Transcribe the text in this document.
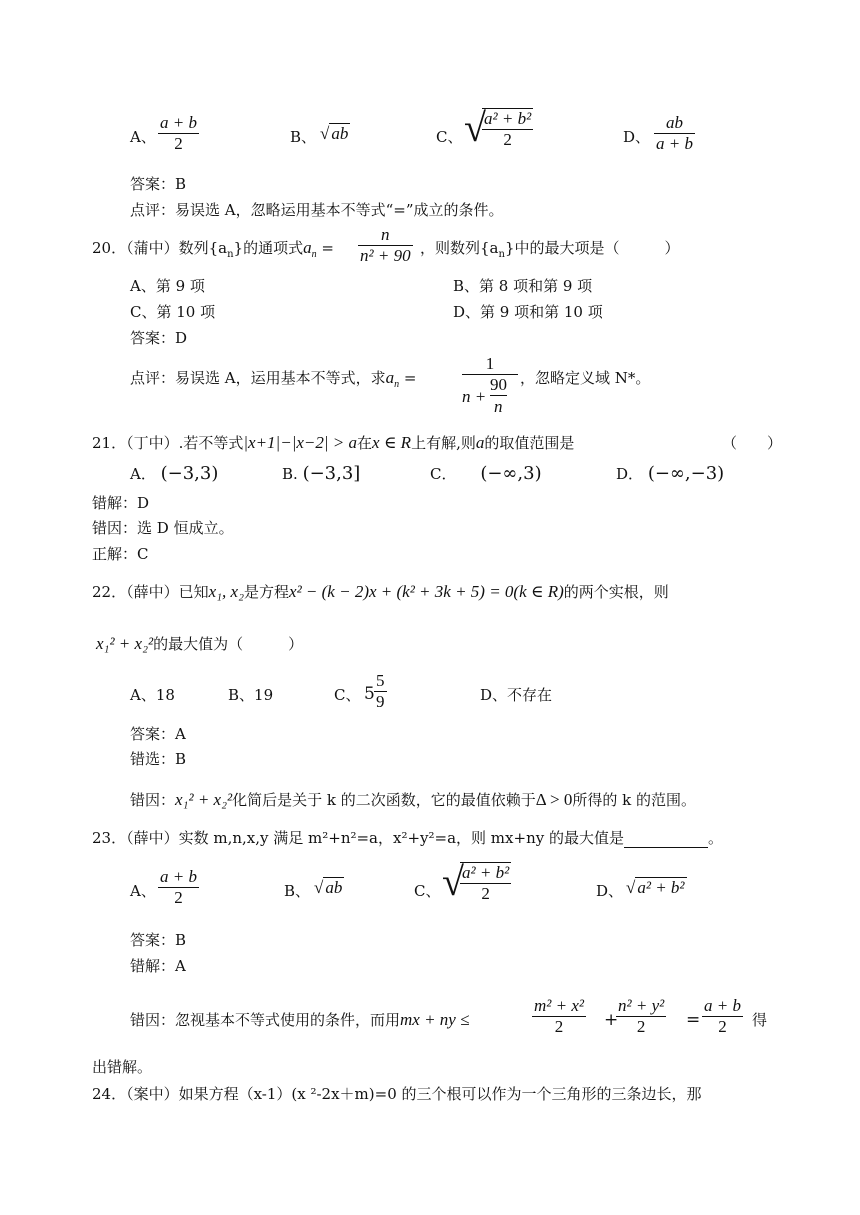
A、
a + b
2	B、 √ ab	C、 √
a² + b²
2	D、
ab
a + b
答案：B
点评：易误选 A，忽略运用基本不等式“=”成立的条件。
20．（蒲中）数列$\{a_n\}$的通项式$a_n$ =
n
n² + 90 ，则数列$\{a_n\}$中的最大项是（　　　）
A、第 9 项	B、第 8 项和第 9 项
C、第 10 项	D、第 9 项和第 10 项
答案：D
点评：易误选 A，运用基本不等式，求$a_n$ =
1
n +
90
n
，忽略定义域 N*。
21．（丁中）.若不等式|x+1|−|x−2| > a在x ∈ R上有解,则a的取值范围是	（　　）
A． (−3,3)	B. (−3,3]	C． (−∞,3)	D． (−∞,−3)
错解：D
错因：选 D 恒成立。
正解：C
22．（薛中）已知x₁, x₂是方程x² − (k − 2)x + (k² + 3k + 5) = 0(k ∈ R)的两个实根，则
x₁² + x₂²的最大值为（　　　）
A、18	B、19	C、 5
5
9	D、不存在
答案：A
错选：B
错因：x₁² + x₂²化简后是关于 k 的二次函数，它的最值依赖于Δ > 0所得的 k 的范围。
23．（薛中）实数 m,n,x,y 满足 m²+n²=a，x²+y²=a，则 mx+ny 的最大值是	。
A、
a + b
2	B、 √ ab	C、 √
a² + b²
2	D、 √ a² + b²
答案：B
错解：A
错因：忽视基本不等式使用的条件，而用mx + ny ≤
m² + x²
2	+
n² + y²
2	=
a + b
2	得
出错解。
24．（案中）如果方程（x-1）(x ²-2x＋m)=0 的三个根可以作为一个三角形的三条边长，那
